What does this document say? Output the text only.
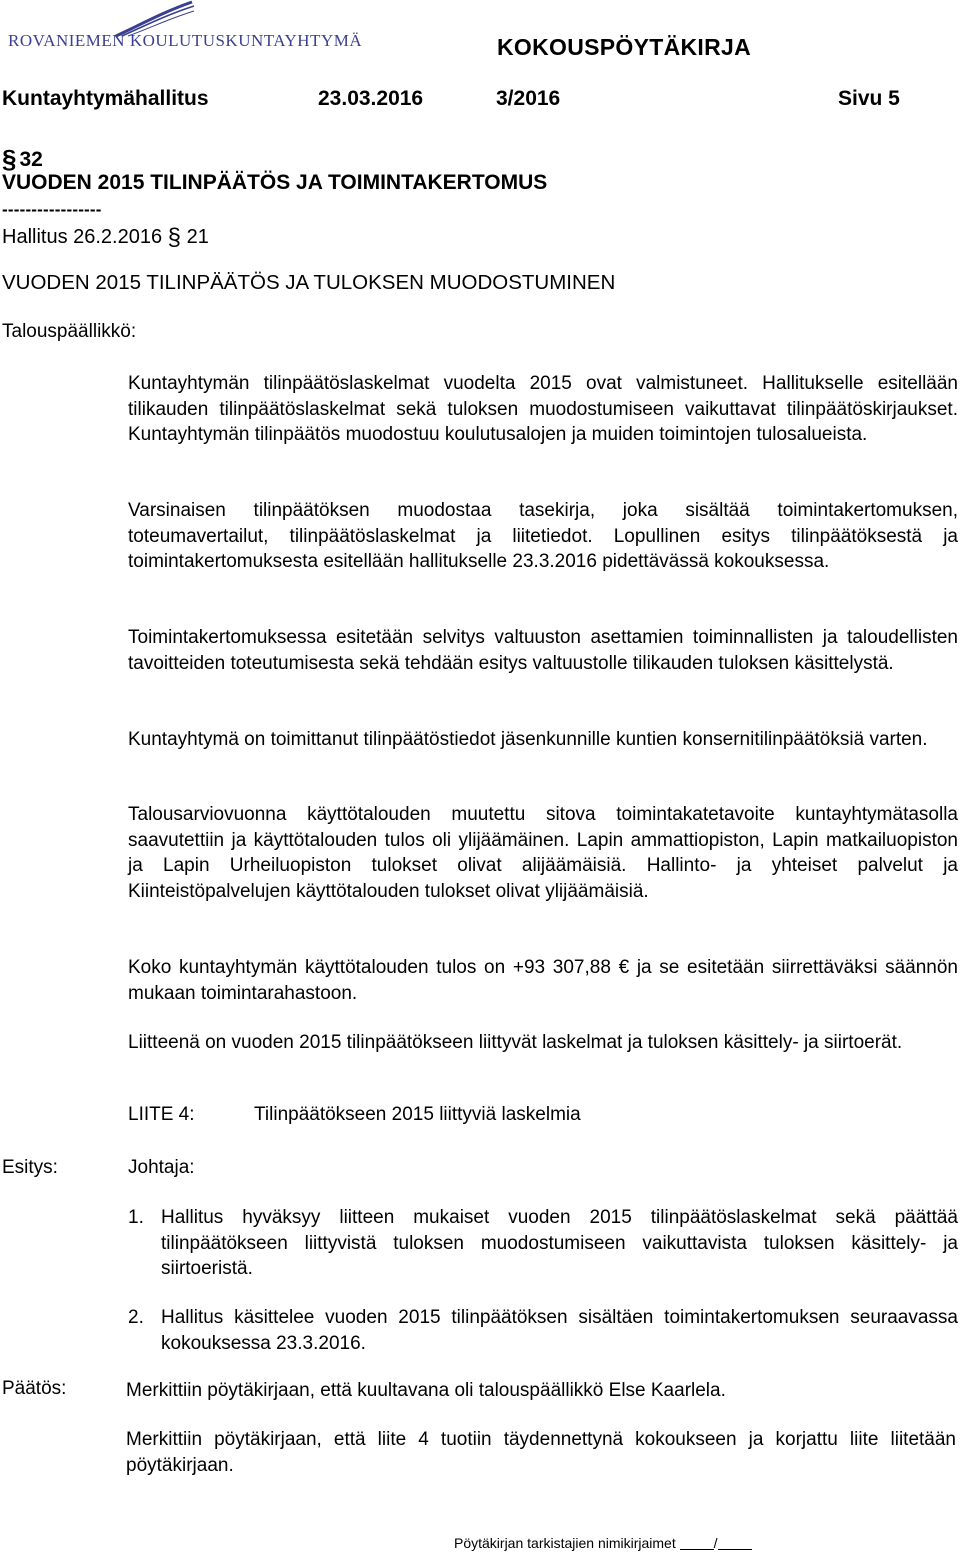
ROVANIEMEN KOULUTUSKUNTAYHTYMÄ	KOKOUSPÖYTÄKIRJA
Kuntayhtymähallitus	23.03.2016	3/2016	Sivu 5
§ 32
VUODEN 2015 TILINPÄÄTÖS JA TOIMINTAKERTOMUS
-----------------
Hallitus 26.2.2016 § 21
VUODEN 2015 TILINPÄÄTÖS JA TULOKSEN MUODOSTUMINEN
Talouspäällikkö:
Kuntayhtymän tilinpäätöslaskelmat vuodelta 2015 ovat valmistuneet. Hallitukselle esitellään tilikauden tilinpäätöslaskelmat sekä tuloksen muodostumiseen vaikuttavat tilinpäätöskirjaukset. Kuntayhtymän tilinpäätös muodostuu koulutusalojen ja muiden toimintojen tulosalueista.
Varsinaisen tilinpäätöksen muodostaa tasekirja, joka sisältää toimintakertomuksen, toteumavertailut, tilinpäätöslaskelmat ja liitetiedot. Lopullinen esitys tilinpäätöksestä ja toimintakertomuksesta esitellään hallitukselle 23.3.2016 pidettävässä kokouksessa.
Toimintakertomuksessa esitetään selvitys valtuuston asettamien toiminnallisten ja taloudellisten tavoitteiden toteutumisesta sekä tehdään esitys valtuustolle tilikauden tuloksen käsittelystä.
Kuntayhtymä on toimittanut tilinpäätöstiedot jäsenkunnille kuntien konsernitilinpäätöksiä varten.
Talousarviovuonna käyttötalouden muutettu sitova toimintakatetavoite kuntayhtymätasolla saavutettiin ja käyttötalouden tulos oli ylijäämäinen. Lapin ammattiopiston, Lapin matkailuopiston ja Lapin Urheiluopiston tulokset olivat alijäämäisiä. Hallinto- ja yhteiset palvelut ja Kiinteistöpalvelujen käyttötalouden tulokset olivat ylijäämäisiä.
Koko kuntayhtymän käyttötalouden tulos on +93 307,88 € ja se esitetään siirrettäväksi säännön mukaan toimintarahastoon.
Liitteenä on vuoden 2015 tilinpäätökseen liittyvät laskelmat ja tuloksen käsittely- ja siirtoerät.
LIITE 4:	Tilinpäätökseen 2015 liittyviä laskelmia
Esitys:	Johtaja:
1. Hallitus hyväksyy liitteen mukaiset vuoden 2015 tilinpäätöslaskelmat sekä päättää tilinpäätökseen liittyvistä tuloksen muodostumiseen vaikuttavista tuloksen käsittely- ja siirtoeristä.
2. Hallitus käsittelee vuoden 2015 tilinpäätöksen sisältäen toimintakertomuksen seuraavassa kokouksessa 23.3.2016.
Päätös:	Merkittiin pöytäkirjaan, että kuultavana oli talouspäällikkö Else Kaarlela.
Merkittiin pöytäkirjaan, että liite 4 tuotiin täydennettynä kokoukseen ja korjattu liite liitetään pöytäkirjaan.
Pöytäkirjan tarkistajien nimikirjaimet	/
